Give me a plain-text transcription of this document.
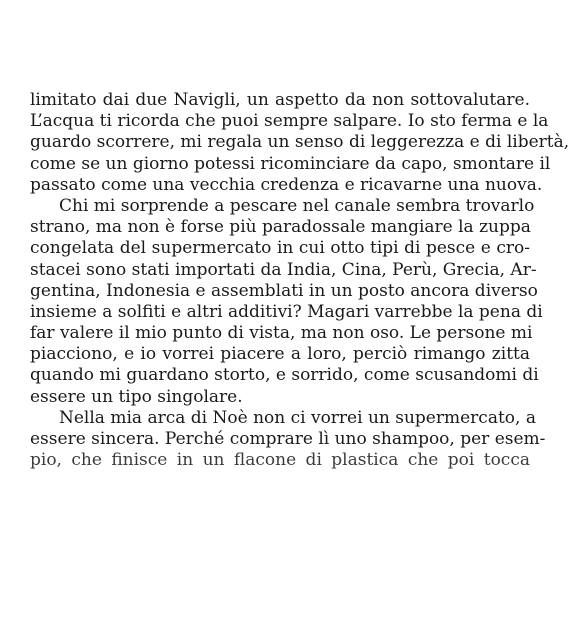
limitato dai due Navigli, un aspetto da non sottovalutare.
L’acqua ti ricorda che puoi sempre salpare. Io sto ferma e la
guardo scorrere, mi regala un senso di leggerezza e di libertà,
come se un giorno potessi ricominciare da capo, smontare il
passato come una vecchia credenza e ricavarne una nuova.
Chi mi sorprende a pescare nel canale sembra trovarlo
strano, ma non è forse più paradossale mangiare la zuppa
congelata del supermercato in cui otto tipi di pesce e cro-
stacei sono stati importati da India, Cina, Perù, Grecia, Ar-
gentina, Indonesia e assemblati in un posto ancora diverso
insieme a solfiti e altri additivi? Magari varrebbe la pena di
far valere il mio punto di vista, ma non oso. Le persone mi
piacciono, e io vorrei piacere a loro, perciò rimango zitta
quando mi guardano storto, e sorrido, come scusandomi di
essere un tipo singolare.
Nella mia arca di Noè non ci vorrei un supermercato, a
essere sincera. Perché comprare lì uno shampoo, per esem-
pio, che finisce in un flacone di plastica che poi tocca
